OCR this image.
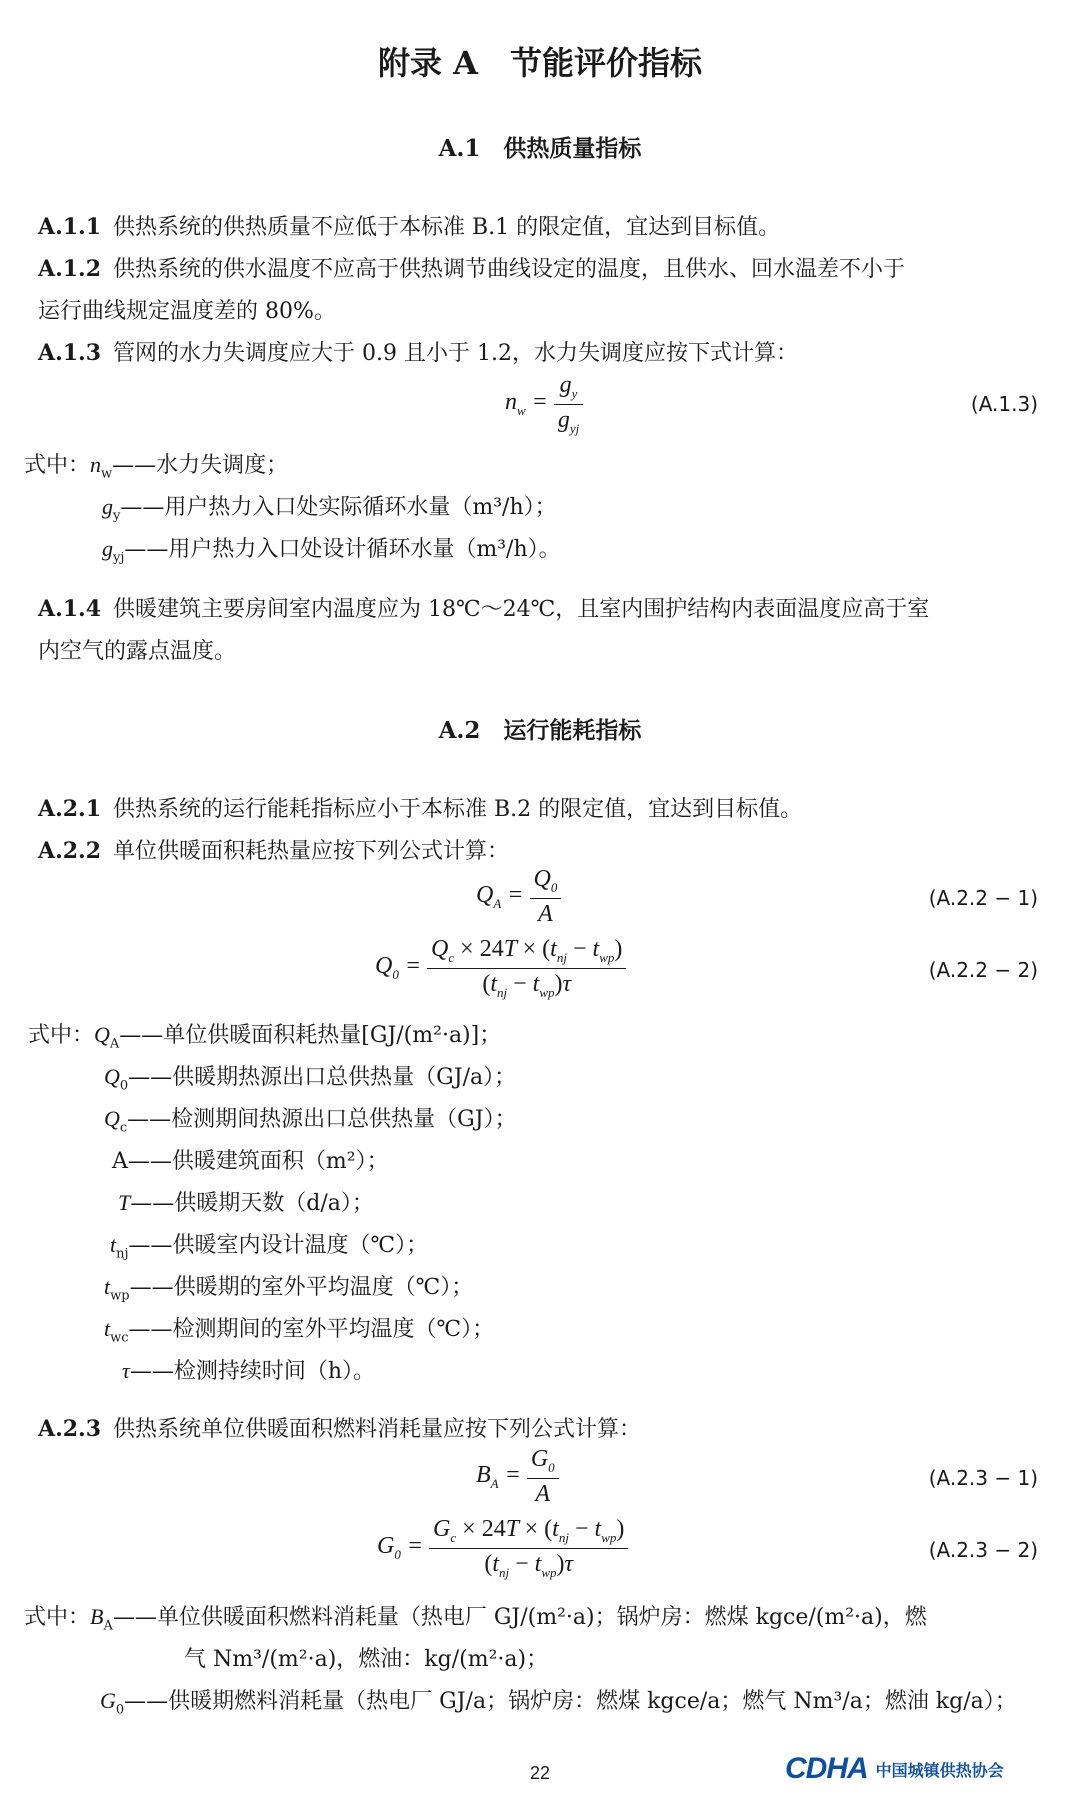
附录 A　节能评价指标
A.1　供热质量指标
A.1.1 供热系统的供热质量不应低于本标准 B.1 的限定值，宜达到目标值。
A.1.2 供热系统的供水温度不应高于供热调节曲线设定的温度，且供水、回水温差不小于
运行曲线规定温度差的 80%。
A.1.3 管网的水力失调度应大于 0.9 且小于 1.2，水力失调度应按下式计算：
$n_w = \frac{g_y}{g_{yj}}$	(A.1.3)
式中：$n_w——$水力失调度；
$g_y——$用户热力入口处实际循环水量（m³/h）；
$g_{yj}——$用户热力入口处设计循环水量（m³/h）。
A.1.4 供暖建筑主要房间室内温度应为 18℃～24℃，且室内围护结构内表面温度应高于室
内空气的露点温度。
A.2　运行能耗指标
A.2.1 供热系统的运行能耗指标应小于本标准 B.2 的限定值，宜达到目标值。
A.2.2 单位供暖面积耗热量应按下列公式计算：
$Q_A = \frac{Q_0}{A}$	(A.2.2 − 1)
$Q_0 = \frac{Q_c \times 24T \times (t_{nj} - t_{wp})}{(t_{nj} - t_{wp})\tau}$	(A.2.2 − 2)
式中：$Q_A——$单位供暖面积耗热量[GJ/(m²·a)]；
$Q_0——$供暖期热源出口总供热量（GJ/a）；
$Q_c——$检测期间热源出口总供热量（GJ）；
A——供暖建筑面积（m²）；
T——供暖期天数（d/a）；
$t_{nj}——$供暖室内设计温度（℃）；
$t_{wp}——$供暖期的室外平均温度（℃）；
$t_{wc}——$检测期间的室外平均温度（℃）；
τ——检测持续时间（h）。
A.2.3 供热系统单位供暖面积燃料消耗量应按下列公式计算：
$B_A = \frac{G_0}{A}$	(A.2.3 − 1)
$G_0 = \frac{G_c \times 24T \times (t_{nj} - t_{wp})}{(t_{nj} - t_{wp})\tau}$	(A.2.3 − 2)
式中：$B_A——$单位供暖面积燃料消耗量（热电厂 GJ/(m²·a)；锅炉房：燃煤 kgce/(m²·a)，燃
气 Nm³/(m²·a)，燃油：kg/(m²·a)；
$G_0——$供暖期燃料消耗量（热电厂 GJ/a；锅炉房：燃煤 kgce/a；燃气 Nm³/a；燃油 kg/a）；
22	CDHA 中国城镇供热协会
